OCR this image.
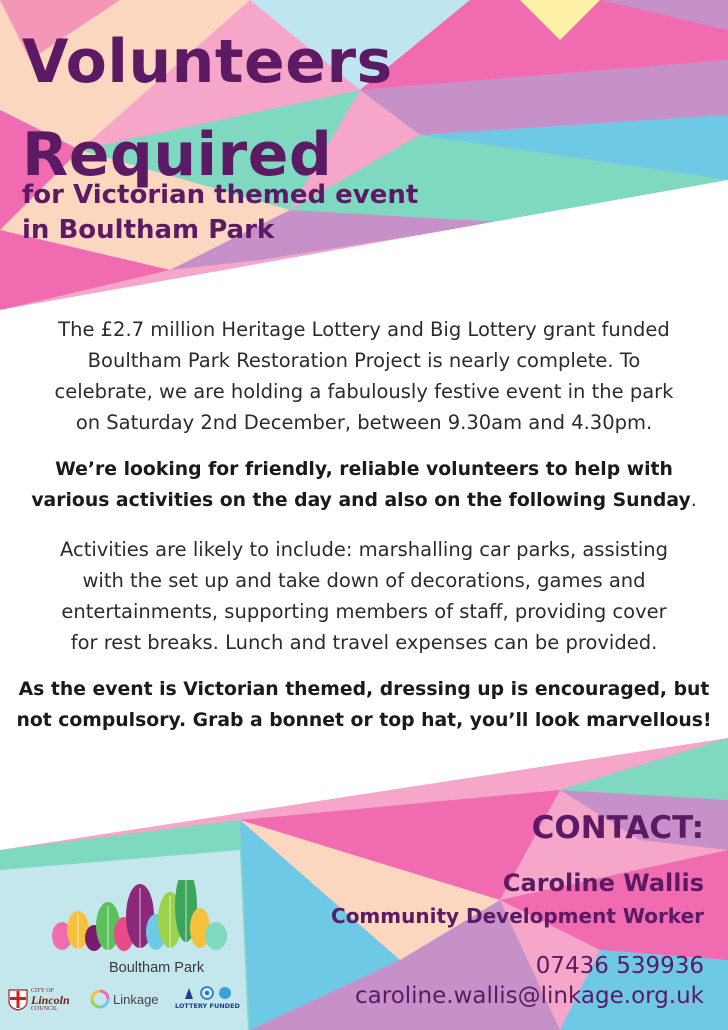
Volunteers
Required
for Victorian themed event
in Boultham Park

The £2.7 million Heritage Lottery and Big Lottery grant funded
Boultham Park Restoration Project is nearly complete. To
celebrate, we are holding a fabulously festive event in the park
on Saturday 2nd December, between 9.30am and 4.30pm.

We’re looking for friendly, reliable volunteers to help with
various activities on the day and also on the following Sunday.

Activities are likely to include: marshalling car parks, assisting
with the set up and take down of decorations, games and
entertainments, supporting members of staff, providing cover
for rest breaks. Lunch and travel expenses can be provided.

As the event is Victorian themed, dressing up is encouraged, but
not compulsory. Grab a bonnet or top hat, you’ll look marvellous!

CONTACT:
Caroline Wallis
Community Development Worker
07436 539936
caroline.wallis@linkage.org.uk
Boultham Park
CITY OF
Lincoln
COUNCIL
Linkage	LOTTERY FUNDED
